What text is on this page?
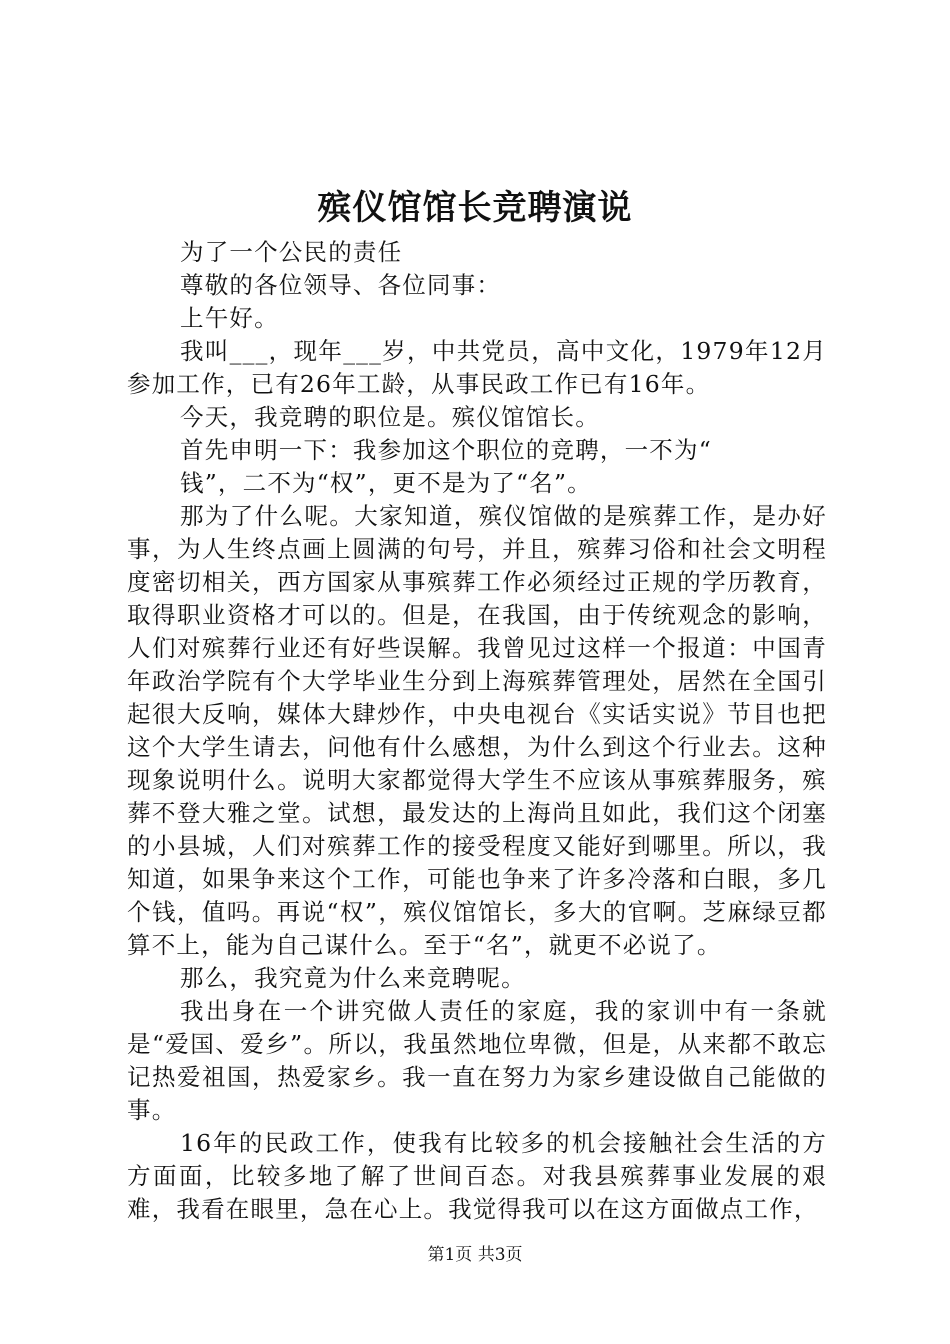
殡仪馆馆长竞聘演说

为了一个公民的责任

尊敬的各位领导、各位同事：

上午好。

我叫___，现年___岁，中共党员，高中文化，1979年12月参加工作，已有26年工龄，从事民政工作已有16年。

今天，我竞聘的职位是。殡仪馆馆长。

首先申明一下：我参加这个职位的竞聘，一不为“

钱”，二不为“权”，更不是为了“名”。

那为了什么呢。大家知道，殡仪馆做的是殡葬工作，是办好事，为人生终点画上圆满的句号，并且，殡葬习俗和社会文明程度密切相关，西方国家从事殡葬工作必须经过正规的学历教育，取得职业资格才可以的。但是，在我国，由于传统观念的影响，人们对殡葬行业还有好些误解。我曾见过这样一个报道：中国青年政治学院有个大学毕业生分到上海殡葬管理处，居然在全国引起很大反响，媒体大肆炒作，中央电视台《实话实说》节目也把这个大学生请去，问他有什么感想，为什么到这个行业去。这种现象说明什么。说明大家都觉得大学生不应该从事殡葬服务，殡葬不登大雅之堂。试想，最发达的上海尚且如此，我们这个闭塞的小县城，人们对殡葬工作的接受程度又能好到哪里。所以，我知道，如果争来这个工作，可能也争来了许多冷落和白眼，多几个钱，值吗。再说“权”，殡仪馆馆长，多大的官啊。芝麻绿豆都算不上，能为自己谋什么。至于“名”，就更不必说了。

那么，我究竟为什么来竞聘呢。

我出身在一个讲究做人责任的家庭，我的家训中有一条就是“爱国、爱乡”。所以，我虽然地位卑微，但是，从来都不敢忘记热爱祖国，热爱家乡。我一直在努力为家乡建设做自己能做的事。

16年的民政工作，使我有比较多的机会接触社会生活的方方面面，比较多地了解了世间百态。对我县殡葬事业发展的艰难，我看在眼里，急在心上。我觉得我可以在这方面做点工作，

第1页 共3页
